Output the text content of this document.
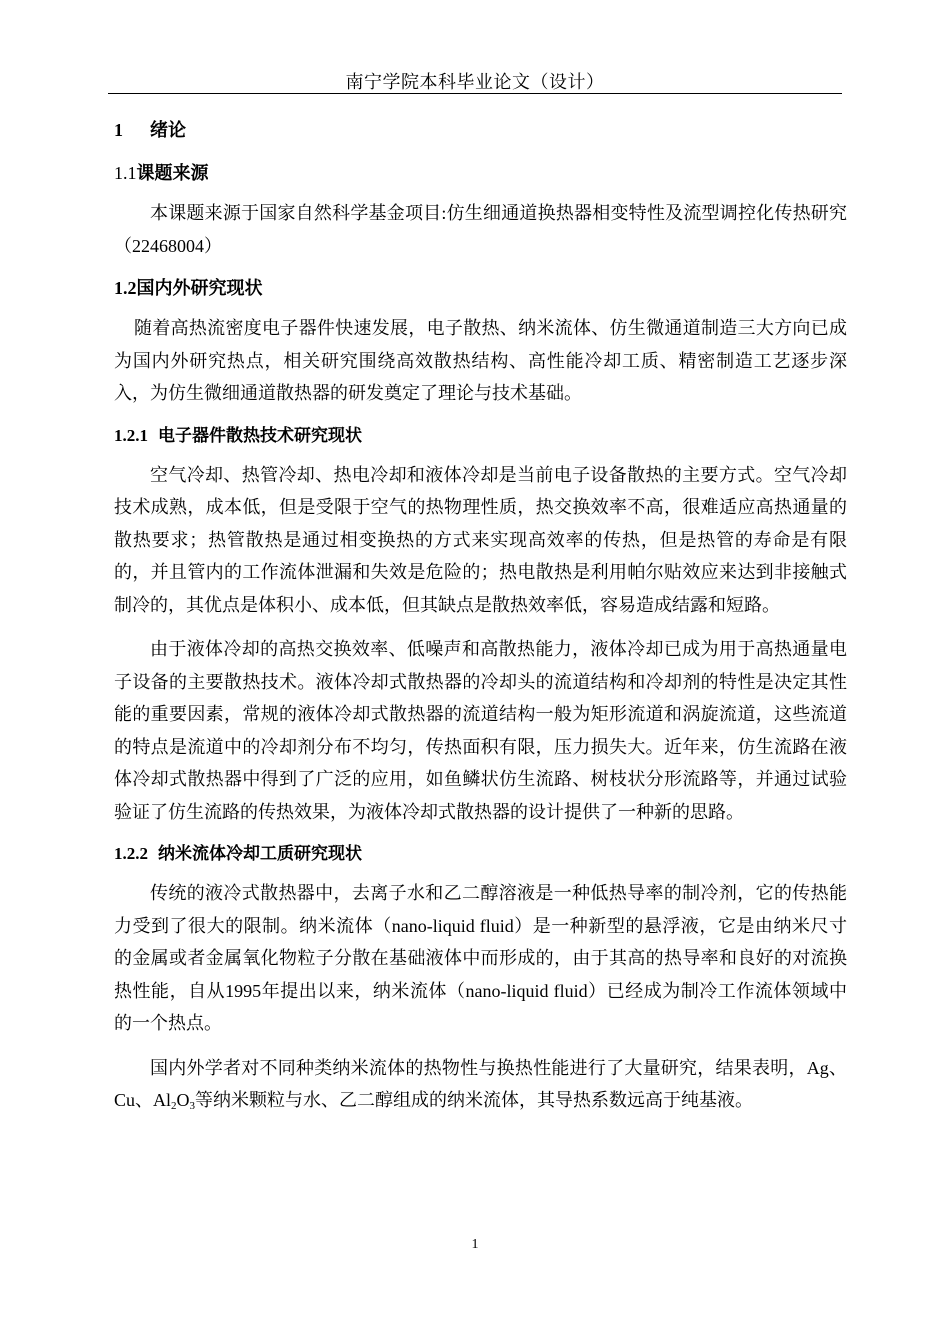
南宁学院本科毕业论文（设计）
1 绪论
1.1课题来源

本课题来源于国家自然科学基金项目:仿生细通道换热器相变特性及流型调控化传热研究（22468004）

1.2国内外研究现状

随着高热流密度电子器件快速发展，电子散热、纳米流体、仿生微通道制造三大方向已成为国内外研究热点，相关研究围绕高效散热结构、高性能冷却工质、精密制造工艺逐步深入，为仿生微细通道散热器的研发奠定了理论与技术基础。

1.2.1 电子器件散热技术研究现状

空气冷却、热管冷却、热电冷却和液体冷却是当前电子设备散热的主要方式。空气冷却技术成熟，成本低，但是受限于空气的热物理性质，热交换效率不高，很难适应高热通量的散热要求；热管散热是通过相变换热的方式来实现高效率的传热，但是热管的寿命是有限的，并且管内的工作流体泄漏和失效是危险的；热电散热是利用帕尔贴效应来达到非接触式制冷的，其优点是体积小、成本低，但其缺点是散热效率低，容易造成结露和短路。

由于液体冷却的高热交换效率、低噪声和高散热能力，液体冷却已成为用于高热通量电子设备的主要散热技术。液体冷却式散热器的冷却头的流道结构和冷却剂的特性是决定其性能的重要因素，常规的液体冷却式散热器的流道结构一般为矩形流道和涡旋流道，这些流道的特点是流道中的冷却剂分布不均匀，传热面积有限，压力损失大。近年来，仿生流路在液体冷却式散热器中得到了广泛的应用，如鱼鳞状仿生流路、树枝状分形流路等，并通过试验验证了仿生流路的传热效果，为液体冷却式散热器的设计提供了一种新的思路。

1.2.2 纳米流体冷却工质研究现状

传统的液冷式散热器中，去离子水和乙二醇溶液是一种低热导率的制冷剂，它的传热能力受到了很大的限制。纳米流体（nano-liquid fluid）是一种新型的悬浮液，它是由纳米尺寸的金属或者金属氧化物粒子分散在基础液体中而形成的，由于其高的热导率和良好的对流换热性能，自从1995年提出以来，纳米流体（nano-liquid fluid）已经成为制冷工作流体领域中的一个热点。

国内外学者对不同种类纳米流体的热物性与换热性能进行了大量研究，结果表明，Ag、Cu、$Al_2O_3$等纳米颗粒与水、乙二醇组成的纳米流体，其导热系数远高于纯基液。

1
